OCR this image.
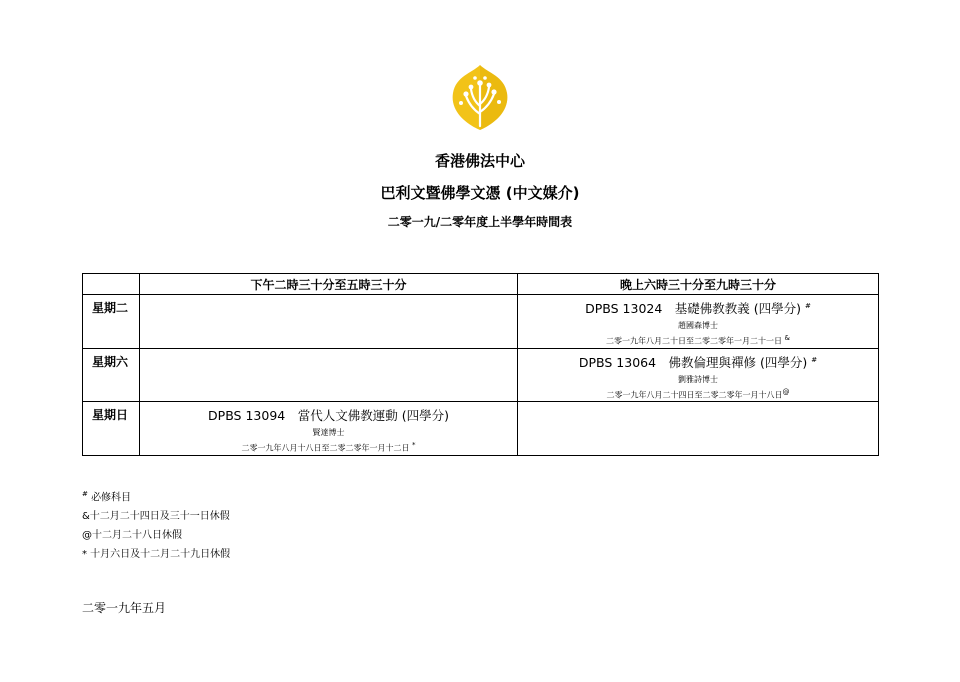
香港佛法中心
巴利文暨佛學文憑 (中文媒介)
二零一九/二零年度上半學年時間表
	下午二時三十分至五時三十分	晚上六時三十分至九時三十分
星期二		DPBS 13024　基礎佛教教義 (四學分) #
趙國森博士
二零一九年八月二十日至二零二零年一月二十一日 &

星期六		DPBS 13064　佛教倫理與禪修 (四學分) #
劉雅詩博士
二零一九年八月二十四日至二零二零年一月十八日@

星期日	DPBS 13094　當代人文佛教運動 (四學分)
賢達博士
二零一九年八月十八日至二零二零年一月十二日 *

# 必修科目
&十二月二十四日及三十一日休假
@十二月二十八日休假
* 十月六日及十二月二十九日休假
二零一九年五月
